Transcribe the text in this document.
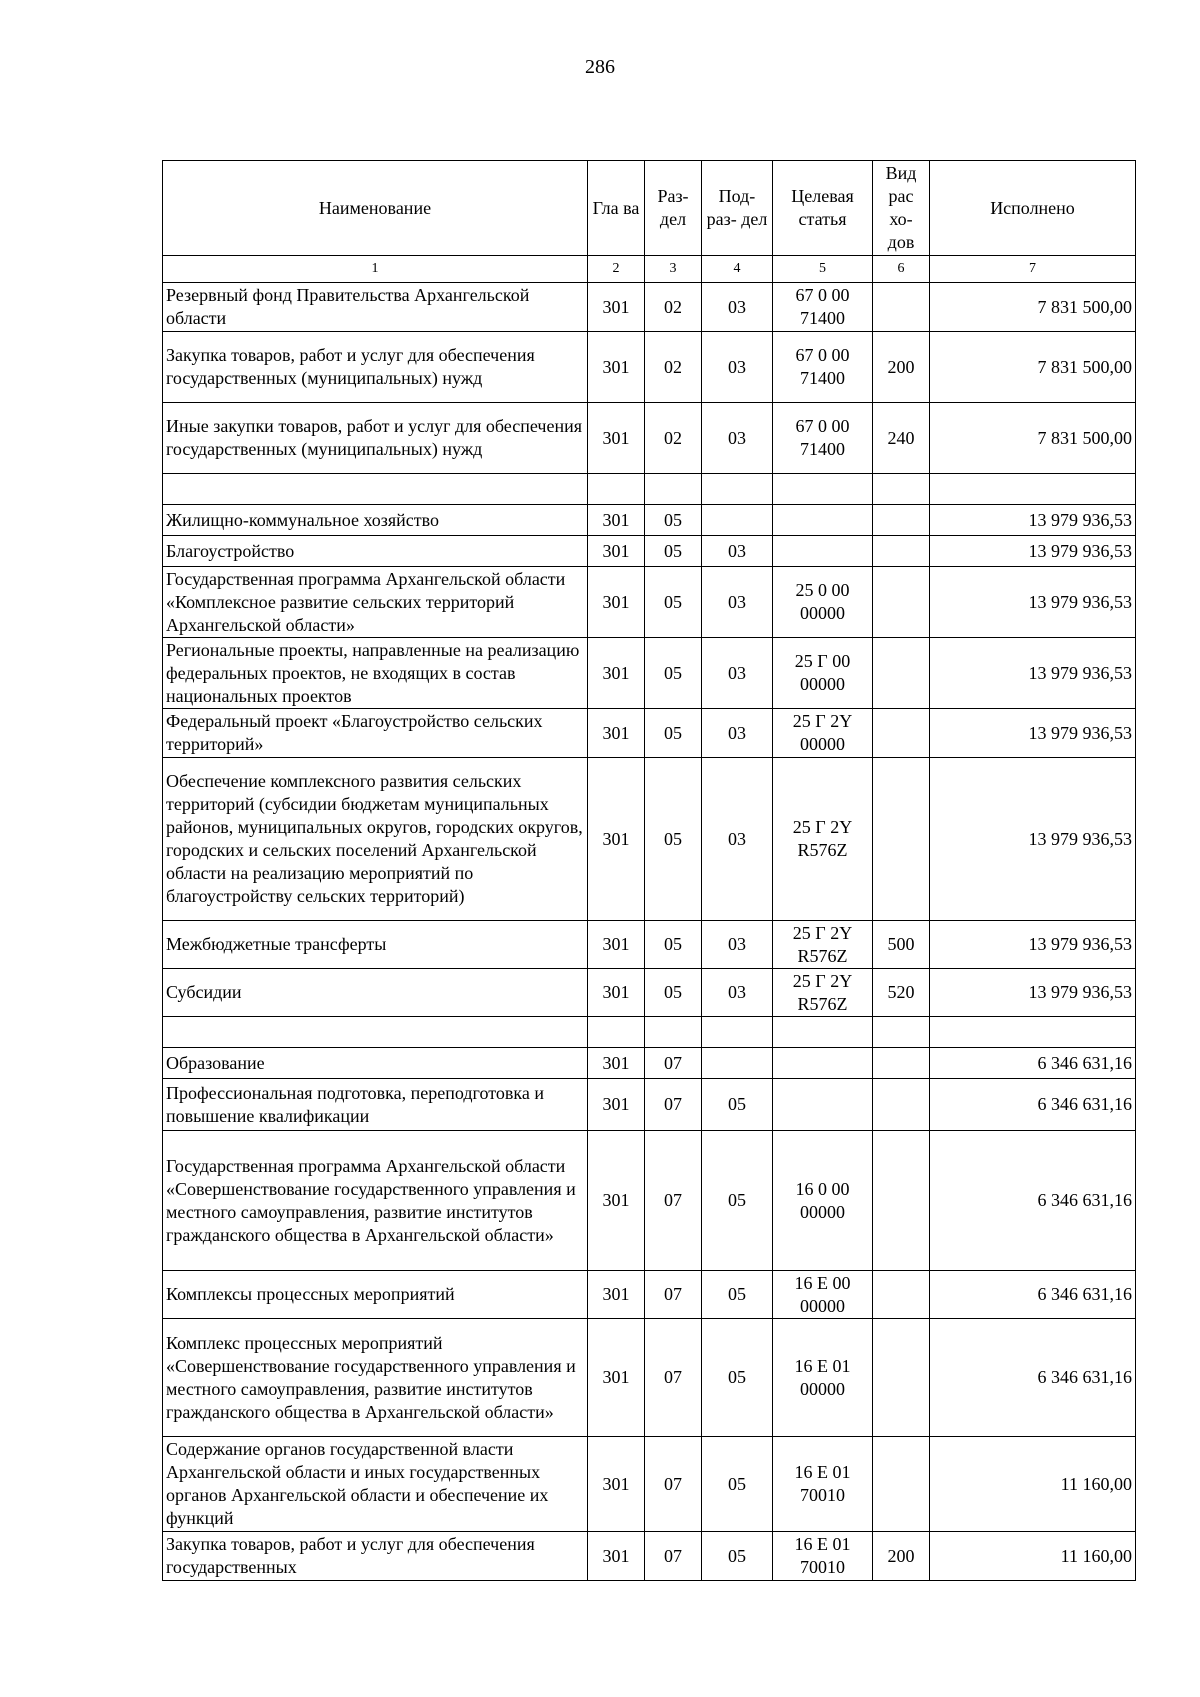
286
Наименование	Гла ва	Раз- дел	Под- раз- дел	Целевая статья	Вид рас хо- дов	Исполнено
1	2	3	4	5	6	7
Резервный фонд Правительства Архангельской области	301	02	03	67 0 00 71400		7 831 500,00
Закупка товаров, работ и услуг для обеспечения государственных (муниципальных) нужд	301	02	03	67 0 00 71400	200	7 831 500,00
Иные закупки товаров, работ и услуг для обеспечения государственных (муниципальных) нужд	301	02	03	67 0 00 71400	240	7 831 500,00

Жилищно-коммунальное хозяйство	301	05				13 979 936,53
Благоустройство	301	05	03			13 979 936,53
Государственная программа Архангельской области «Комплексное развитие сельских территорий Архангельской области»	301	05	03	25 0 00 00000		13 979 936,53
Региональные проекты, направленные на реализацию федеральных проектов, не входящих в состав национальных проектов	301	05	03	25 Г 00 00000		13 979 936,53
Федеральный проект «Благоустройство сельских территорий»	301	05	03	25 Г 2Y 00000		13 979 936,53
Обеспечение комплексного развития сельских территорий (субсидии бюджетам муниципальных районов, муниципальных округов, городских округов, городских и сельских поселений Архангельской области на реализацию мероприятий по благоустройству сельских территорий)	301	05	03	25 Г 2Y R576Z		13 979 936,53
Межбюджетные трансферты	301	05	03	25 Г 2Y R576Z	500	13 979 936,53
Субсидии	301	05	03	25 Г 2Y R576Z	520	13 979 936,53

Образование	301	07				6 346 631,16
Профессиональная подготовка, переподготовка и повышение квалификации	301	07	05			6 346 631,16
Государственная программа Архангельской области «Совершенствование государственного управления и местного самоуправления, развитие институтов гражданского общества в Архангельской области»	301	07	05	16 0 00 00000		6 346 631,16
Комплексы процессных мероприятий	301	07	05	16 Е 00 00000		6 346 631,16
Комплекс процессных мероприятий «Совершенствование государственного управления и местного самоуправления, развитие институтов гражданского общества в Архангельской области»	301	07	05	16 Е 01 00000		6 346 631,16
Содержание органов государственной власти Архангельской области и иных государственных органов Архангельской области и обеспечение их функций	301	07	05	16 Е 01 70010		11 160,00
Закупка товаров, работ и услуг для обеспечения государственных	301	07	05	16 Е 01 70010	200	11 160,00
